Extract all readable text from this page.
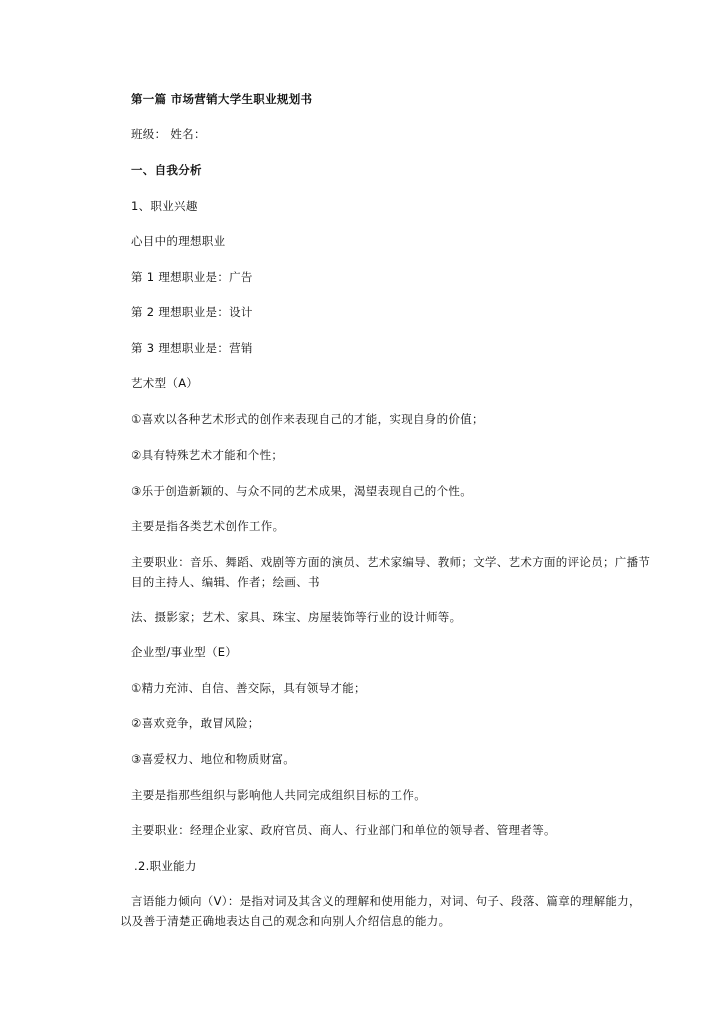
第一篇 市场营销大学生职业规划书
班级： 姓名：
一、自我分析
1、职业兴趣
心目中的理想职业
第 1 理想职业是：广告
第 2 理想职业是：设计
第 3 理想职业是：营销
艺术型（A）
①喜欢以各种艺术形式的创作来表现自己的才能，实现自身的价值；
②具有特殊艺术才能和个性；
③乐于创造新颖的、与众不同的艺术成果，渴望表现自己的个性。
主要是指各类艺术创作工作。
主要职业：音乐、舞蹈、戏剧等方面的演员、艺术家编导、教师；文学、艺术方面的评论员；广播节
目的主持人、编辑、作者；绘画、书
法、摄影家；艺术、家具、珠宝、房屋装饰等行业的设计师等。
企业型/事业型（E）
①精力充沛、自信、善交际，具有领导才能；
②喜欢竞争，敢冒风险；
③喜爱权力、地位和物质财富。
主要是指那些组织与影响他人共同完成组织目标的工作。
主要职业：经理企业家、政府官员、商人、行业部门和单位的领导者、管理者等。
.2.职业能力
言语能力倾向（V）：是指对词及其含义的理解和使用能力，对词、句子、段落、篇章的理解能力，
以及善于清楚正确地表达自己的观念和向别人介绍信息的能力。
